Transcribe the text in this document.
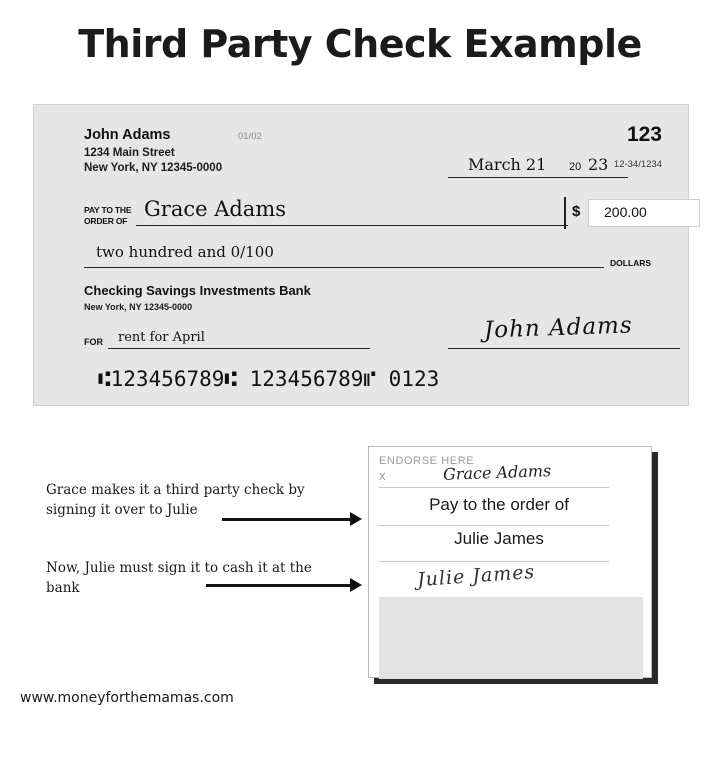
Third Party Check Example
John Adams
1234 Main Street
New York, NY 12345-0000
01/02	123
12-34/1234
March 21 20 23
PAY TO THE
ORDER OF Grace Adams	$ 200.00
two hundred and 0/100
DOLLARS
Checking Savings Investments Bank
New York, NY 12345-0000
FOR rent for April	John Adams
⑆123456789⑆ 123456789⑈ 0123
Grace makes it a third party check by signing it over to Julie
Now, Julie must sign it to cash it at the bank
ENDORSE HERE
X	Grace Adams
Pay to the order of
Julie James
Julie James
TNI
www.moneyforthemamas.com
